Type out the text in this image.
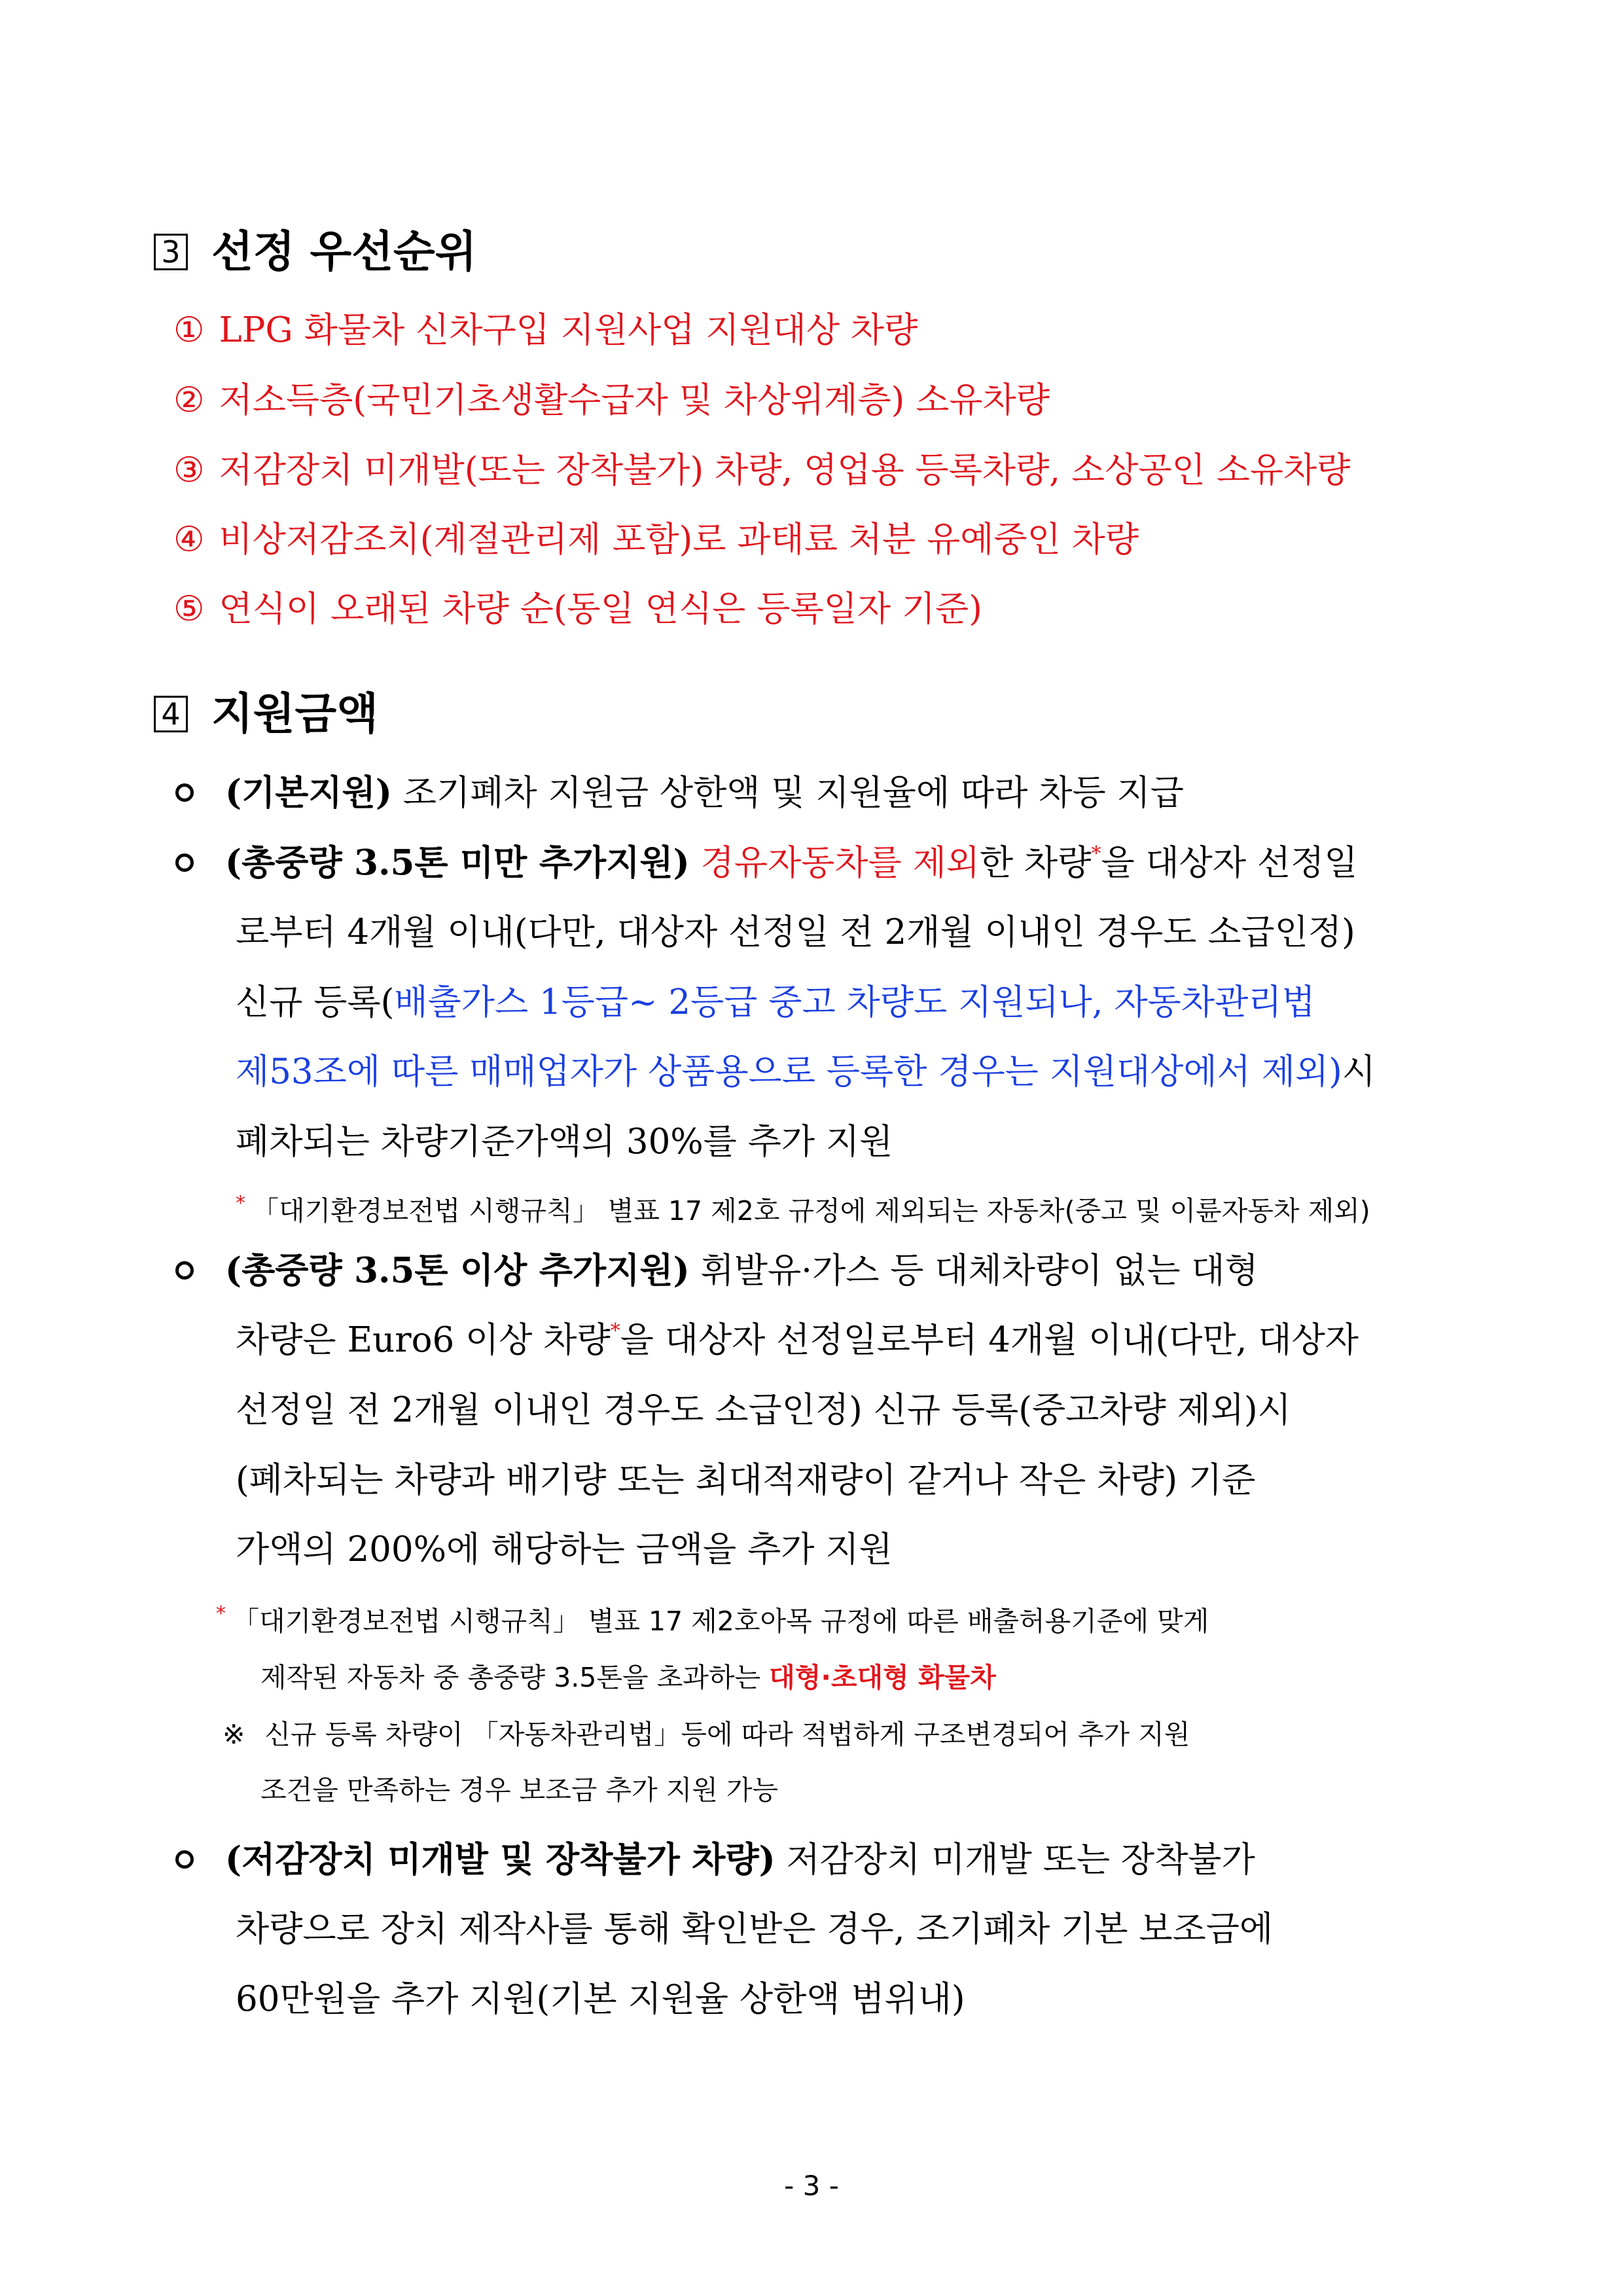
3 선정 우선순위
① LPG 화물차 신차구입 지원사업 지원대상 차량
② 저소득층(국민기초생활수급자 및 차상위계층) 소유차량
③ 저감장치 미개발(또는 장착불가) 차량, 영업용 등록차량, 소상공인 소유차량
④ 비상저감조치(계절관리제 포함)로 과태료 처분 유예중인 차량
⑤ 연식이 오래된 차량 순(동일 연식은 등록일자 기준)
4 지원금액
(기본지원) 조기폐차 지원금 상한액 및 지원율에 따라 차등 지급
(총중량 3.5톤 미만 추가지원) 경유자동차를 제외 한 차량 * 을 대상자 선정일
로부터 4개월 이내(다만, 대상자 선정일 전 2개월 이내인 경우도 소급인정)
신규 등록(배출가스 1등급~ 2등급 중고 차량도 지원되나, 자동차관리법
제53조에 따른 매매업자가 상품용으로 등록한 경우는 지원대상에서 제외)시
폐차되는 차량기준가액의 30%를 추가 지원
* 「대기환경보전법 시행규칙」 별표 17 제2호 규정에 제외되는 자동차(중고 및 이륜자동차 제외)
(총중량 3.5톤 이상 추가지원) 휘발유·가스 등 대체차량이 없는 대형
차량은 Euro6 이상 차량*을 대상자 선정일로부터 4개월 이내(다만, 대상자
선정일 전 2개월 이내인 경우도 소급인정) 신규 등록(중고차량 제외)시
(폐차되는 차량과 배기량 또는 최대적재량이 같거나 작은 차량) 기준
가액의 200%에 해당하는 금액을 추가 지원
* 「대기환경보전법 시행규칙」 별표 17 제2호아목 규정에 따른 배출허용기준에 맞게
제작된 자동차 중 총중량 3.5톤을 초과하는 대형·초대형 화물차
※ 신규 등록 차량이 「자동차관리법」등에 따라 적법하게 구조변경되어 추가 지원
조건을 만족하는 경우 보조금 추가 지원 가능
(저감장치 미개발 및 장착불가 차량) 저감장치 미개발 또는 장착불가
차량으로 장치 제작사를 통해 확인받은 경우, 조기폐차 기본 보조금에
60만원을 추가 지원(기본 지원율 상한액 범위내)
- 3 -
